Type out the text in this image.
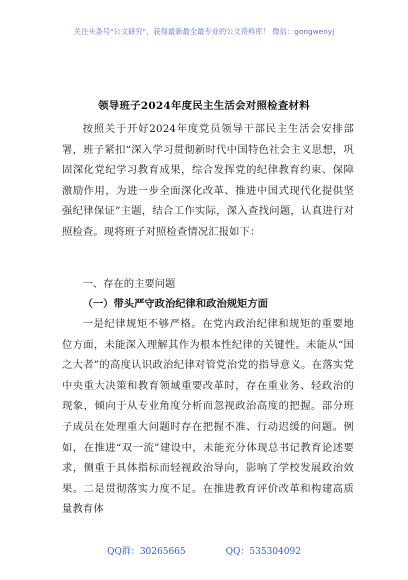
关注头条号"公文研究"，获得最新最全最专业的公文资料库！ 微信：gongwenyj
领导班子2024年度民主生活会对照检查材料

按照关于开好2024年度党员领导干部民主生活会安排部署，班子紧扣“深入学习贯彻新时代中国特色社会主义思想，巩固深化党纪学习教育成果，综合发挥党的纪律教育约束、保障激励作用，为进一步全面深化改革、推进中国式现代化提供坚强纪律保证”主题，结合工作实际，深入查找问题，认真进行对照检查。现将班子对照检查情况汇报如下：

一、存在的主要问题
（一）带头严守政治纪律和政治规矩方面

一是纪律规矩不够严格。在党内政治纪律和规矩的重要地位方面，未能深入理解其作为根本性纪律的关键性。未能从“国之大者”的高度认识政治纪律对管党治党的指导意义。在落实党中央重大决策和教育领域重要改革时，存在重业务、轻政治的现象，倾向于从专业角度分析而忽视政治高度的把握。部分班子成员在处理重大问题时存在把握不准、行动迟缓的问题。例如，在推进“双一流”建设中，未能充分体现总书记教育论述要求，侧重于具体指标而轻视政治导向，影响了学校发展政治效果。二是贯彻落实力度不足。在推进教育评价改革和构建高质量教育体

QQ群：30265665	QQ：535304092
